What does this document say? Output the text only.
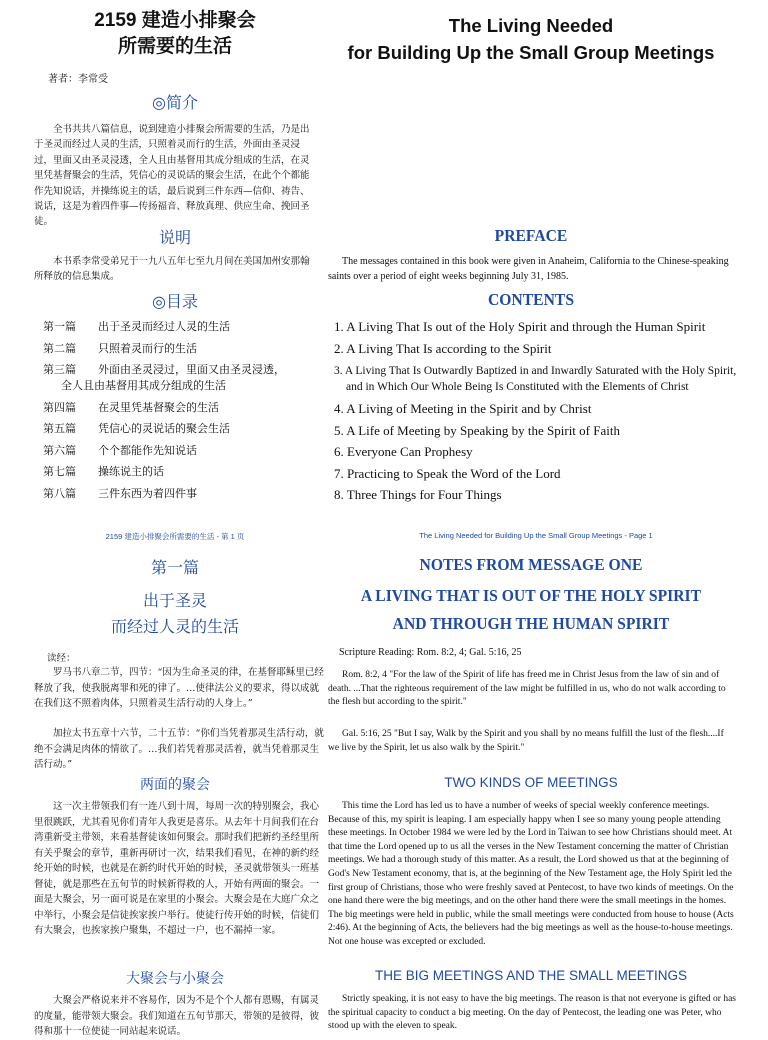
2159 建造小排聚会
所需要的生活
著者：李常受
◎简介
全书共共八篇信息，说到建造小排聚会所需要的生活，乃是出于圣灵而经过人灵的生活，只照着灵而行的生活，外面由圣灵浸过，里面又由圣灵浸透，全人且由基督用其成分组成的生活，在灵里凭基督聚会的生活，凭信心的灵说话的聚会生活，在此个个都能作先知说话，并操练说主的话，最后说到三件东西—信仰、祷告、说话，这是为着四件事—传扬福音、释放真理、供应生命、挽回圣徒。
说明
本书系李常受弟兄于一九八五年七至九月间在美国加州安那翰所释放的信息集成。
◎目录
第一篇 出于圣灵而经过人灵的生活
第二篇 只照着灵而行的生活
第三篇 外面由圣灵浸过，里面又由圣灵浸透，
全人且由基督用其成分组成的生活
第四篇 在灵里凭基督聚会的生活
第五篇 凭信心的灵说话的聚会生活
第六篇 个个都能作先知说话
第七篇 操练说主的话
第八篇 三件东西为着四件事
2159 建造小排聚会所需要的生活 - 第 1 页
第一篇
出于圣灵
而经过人灵的生活
读经：
罗马书八章二节，四节：“因为生命圣灵的律，在基督耶稣里已经释放了我，使我脱离罪和死的律了。…使律法公义的要求，得以成就在我们这不照着肉体，只照着灵生活行动的人身上。”
加拉太书五章十六节，二十五节：“你们当凭着那灵生活行动，就绝不会满足肉体的情欲了。…我们若凭着那灵活着，就当凭着那灵生活行动。”
两面的聚会
这一次主带领我们有一连八到十周，每周一次的特别聚会，我心里很跳跃，尤其看见你们青年人我更是喜乐。从去年十月间我们在台湾重新受主带领，来看基督徒该如何聚会。那时我们把新约圣经里所有关乎聚会的章节，重新再研讨一次，结果我们看见，在神的新约经纶开始的时候，也就是在新约时代开始的时候，圣灵就带领头一班基督徒，就是那些在五旬节的时候新得救的人，开始有两面的聚会。一面是大聚会，另一面可说是在家里的小聚会。大聚会是在大庭广众之中举行，小聚会是信徒挨家挨户举行。使徒行传开始的时候，信徒们有大聚会，也挨家挨户聚集，不超过一户，也不漏掉一家。
大聚会与小聚会
大聚会严格说来并不容易作，因为不是个个人都有恩赐，有属灵的度量，能带领大聚会。我们知道在五旬节那天，带领的是彼得，彼得和那十一位使徒一同站起来说话。
The Living Needed
for Building Up the Small Group Meetings
PREFACE
The messages contained in this book were given in Anaheim, California to the Chinese-speaking saints over a period of eight weeks beginning July 31, 1985.
CONTENTS
1. A Living That Is out of the Holy Spirit and through the Human Spirit
2. A Living That Is according to the Spirit
3. A Living That Is Outwardly Baptized in and Inwardly Saturated with the Holy Spirit, and in Which Our Whole Being Is Constituted with the Elements of Christ
4. A Living of Meeting in the Spirit and by Christ
5. A Life of Meeting by Speaking by the Spirit of Faith
6. Everyone Can Prophesy
7. Practicing to Speak the Word of the Lord
8. Three Things for Four Things
The Living Needed for Building Up the Small Group Meetings - Page 1
NOTES FROM MESSAGE ONE
A LIVING THAT IS OUT OF THE HOLY SPIRIT
AND THROUGH THE HUMAN SPIRIT
Scripture Reading: Rom. 8:2, 4; Gal. 5:16, 25
Rom. 8:2, 4 "For the law of the Spirit of life has freed me in Christ Jesus from the law of sin and of death. ...That the righteous requirement of the law might be fulfilled in us, who do not walk according to the flesh but according to the spirit."
Gal. 5:16, 25 "But I say, Walk by the Spirit and you shall by no means fulfill the lust of the flesh....If we live by the Spirit, let us also walk by the Spirit."
TWO KINDS OF MEETINGS
This time the Lord has led us to have a number of weeks of special weekly conference meetings. Because of this, my spirit is leaping. I am especially happy when I see so many young people attending these meetings. In October 1984 we were led by the Lord in Taiwan to see how Christians should meet. At that time the Lord opened up to us all the verses in the New Testament concerning the matter of Christian meetings. We had a thorough study of this matter. As a result, the Lord showed us that at the beginning of God's New Testament economy, that is, at the beginning of the New Testament age, the Holy Spirit led the first group of Christians, those who were freshly saved at Pentecost, to have two kinds of meetings. On the one hand there were the big meetings, and on the other hand there were the small meetings in the homes. The big meetings were held in public, while the small meetings were conducted from house to house (Acts 2:46). At the beginning of Acts, the believers had the big meetings as well as the house-to-house meetings. Not one house was excepted or excluded.
THE BIG MEETINGS AND THE SMALL MEETINGS
Strictly speaking, it is not easy to have the big meetings. The reason is that not everyone is gifted or has the spiritual capacity to conduct a big meeting. On the day of Pentecost, the leading one was Peter, who stood up with the eleven to speak.
